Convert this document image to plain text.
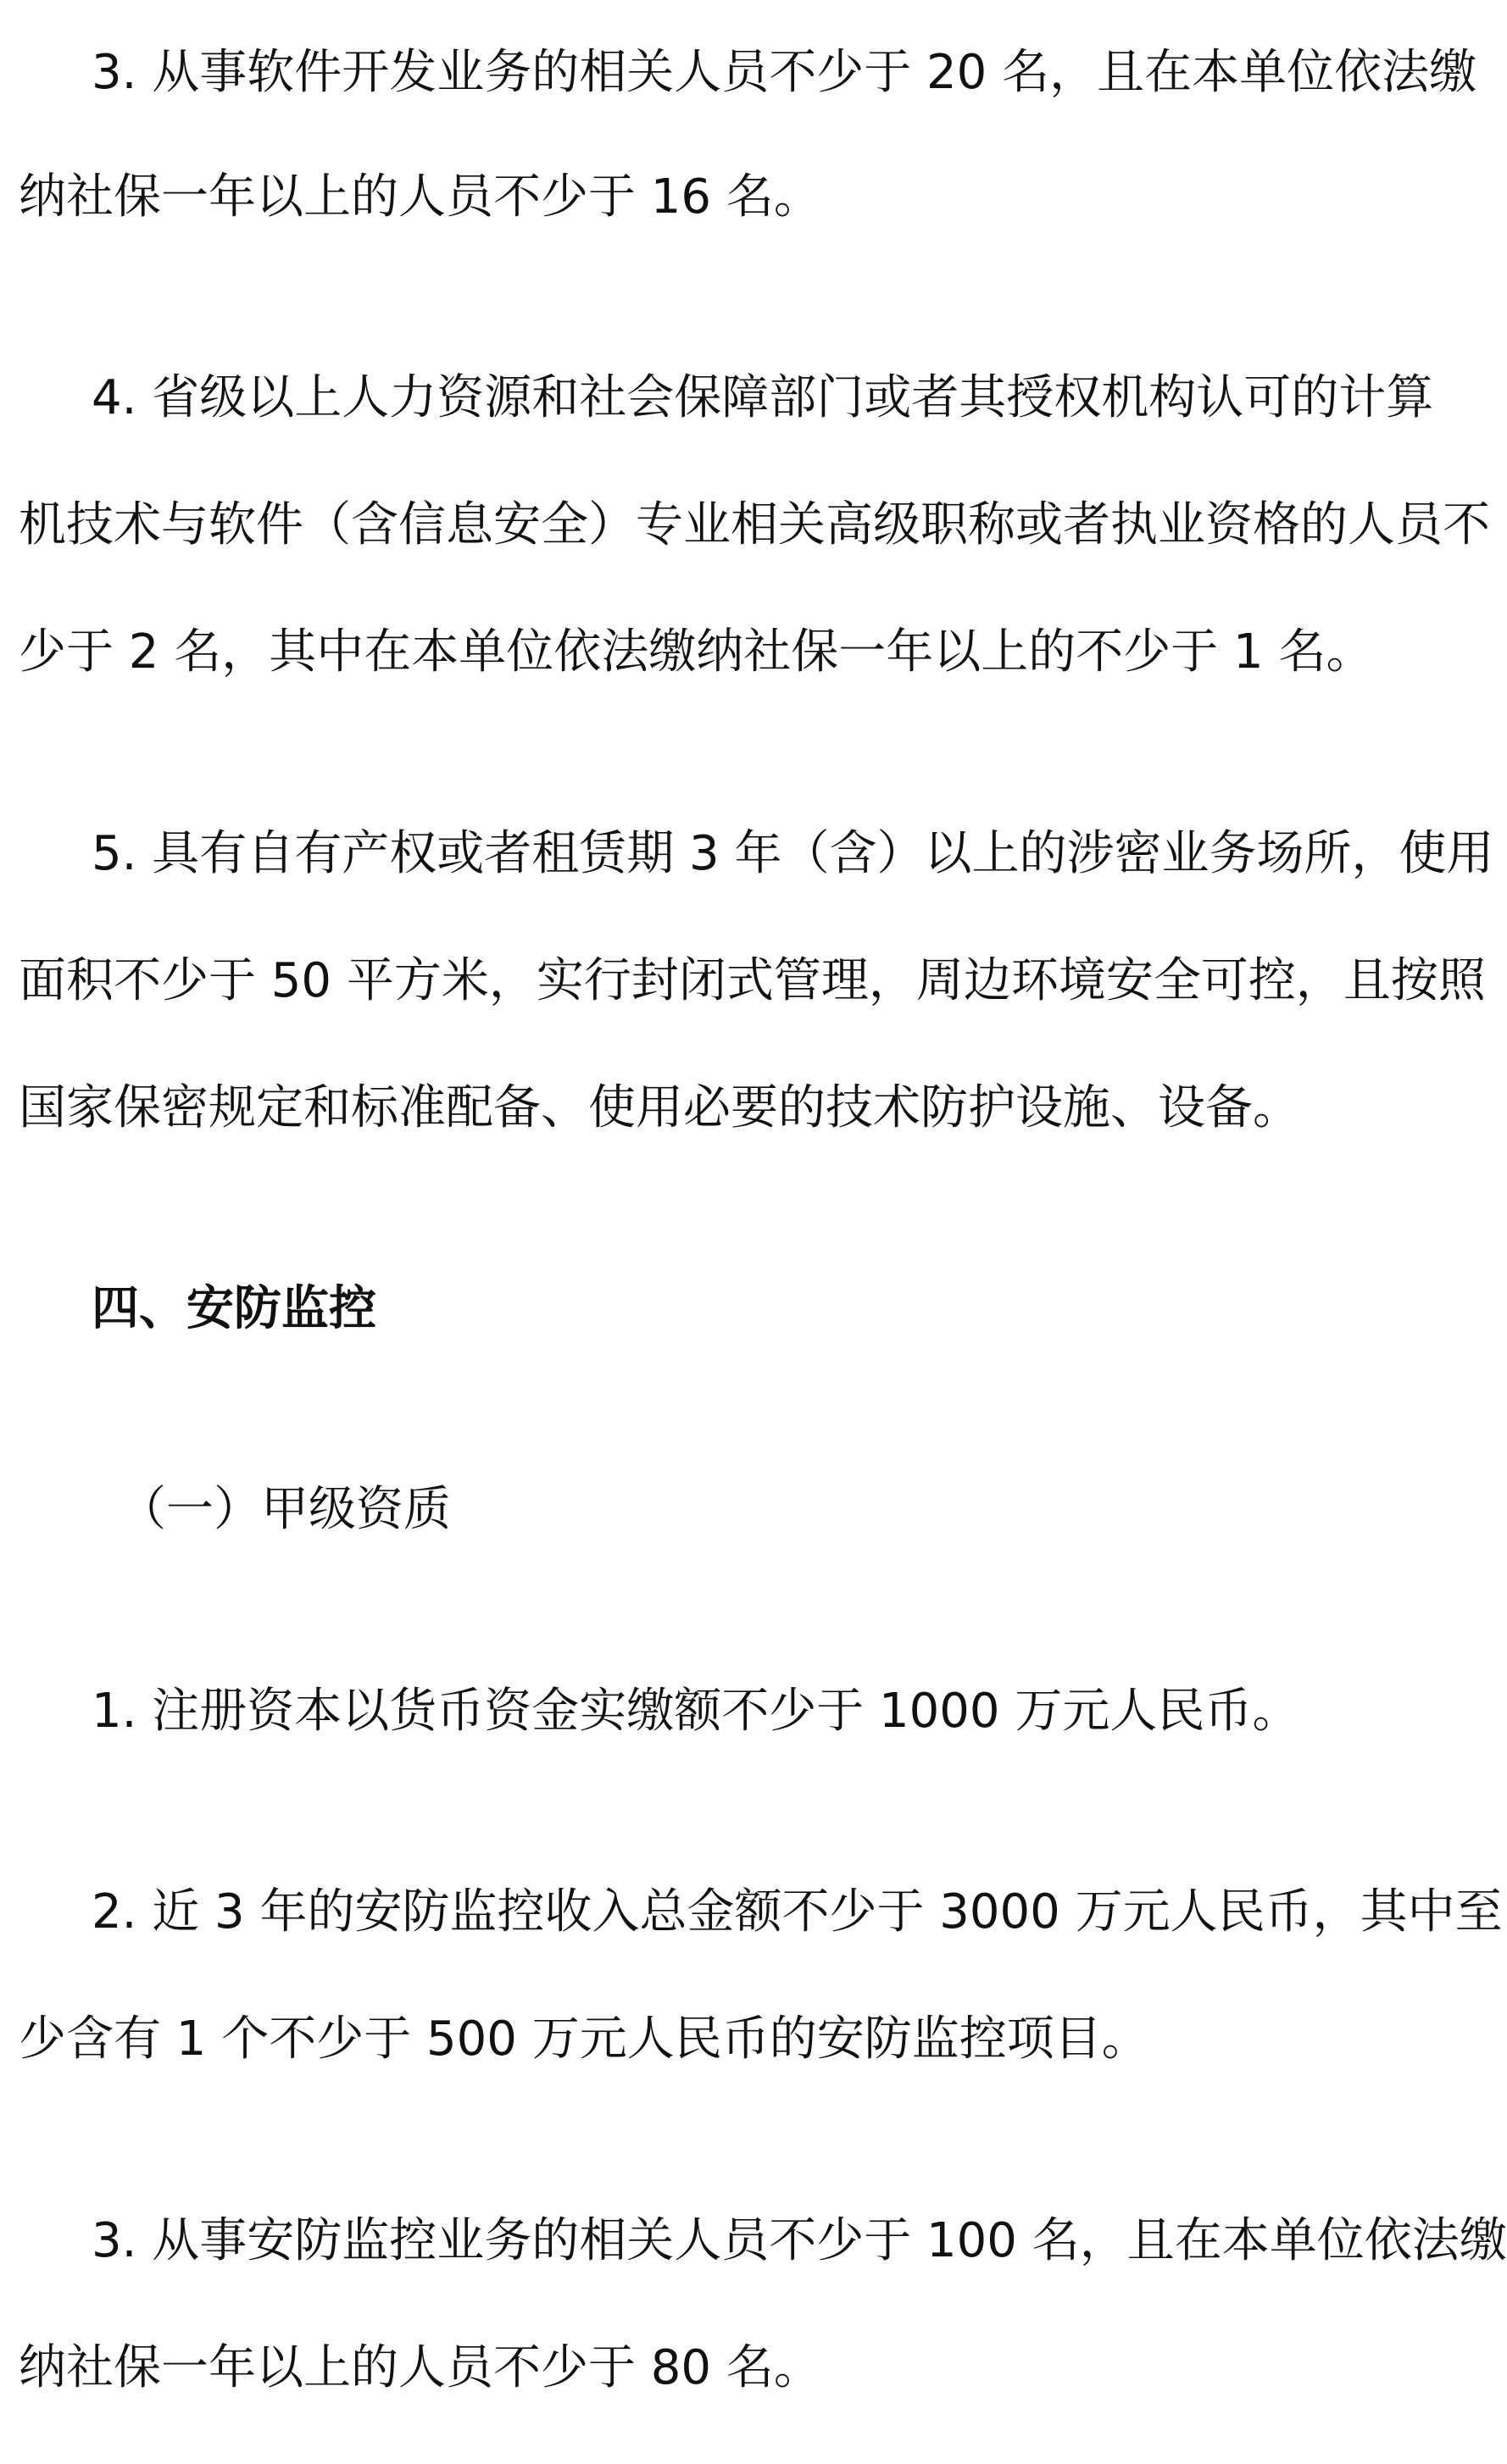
3. 从事软件开发业务的相关人员不少于 20 名，且在本单位依法缴
纳社保一年以上的人员不少于 16 名。
4. 省级以上人力资源和社会保障部门或者其授权机构认可的计算
机技术与软件（含信息安全）专业相关高级职称或者执业资格的人员不
少于 2 名，其中在本单位依法缴纳社保一年以上的不少于 1 名。
5. 具有自有产权或者租赁期 3 年（含）以上的涉密业务场所，使用
面积不少于 50 平方米，实行封闭式管理，周边环境安全可控，且按照
国家保密规定和标准配备、使用必要的技术防护设施、设备。
四、安防监控
（一）甲级资质
1. 注册资本以货币资金实缴额不少于 1000 万元人民币。
2. 近 3 年的安防监控收入总金额不少于 3000 万元人民币，其中至
少含有 1 个不少于 500 万元人民币的安防监控项目。
3. 从事安防监控业务的相关人员不少于 100 名，且在本单位依法缴
纳社保一年以上的人员不少于 80 名。
